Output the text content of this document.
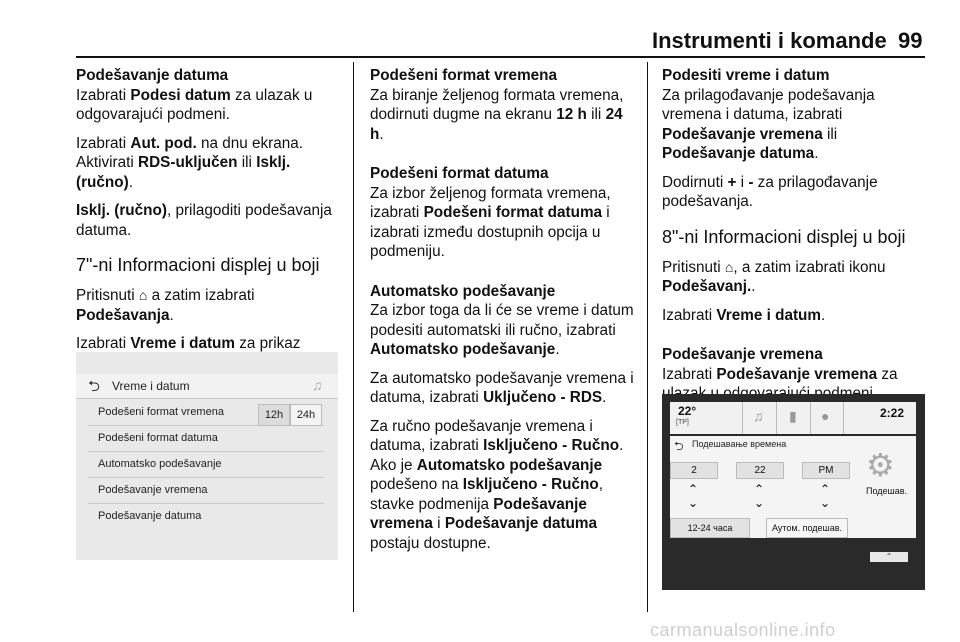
Instrumenti i komande 99

Podešavanje datuma

Izabrati Podesi datum za ulazak u odgovarajući podmeni.

Izabrati Aut. pod. na dnu ekrana. Aktivirati RDS-uključen ili Isklj. (ručno).

Isklj. (ručno), prilagoditi podešavanja datuma.

7"-ni Informacioni displej u boji

Pritisnuti ⌂ a zatim izabrati Podešavanja.

Izabrati Vreme i datum za prikaz

⮌ Vreme i datum	♫
Podešeni format vremena	12h	24h
Podešeni format datuma
Automatsko podešavanje
Podešavanje vremena
Podešavanje datuma

Podešeni format vremena

Za biranje željenog formata vremena, dodirnuti dugme na ekranu 12 h ili 24 h.

Podešeni format datuma

Za izbor željenog formata vremena, izabrati Podešeni format datuma i izabrati između dostupnih opcija u podmeniju.

Automatsko podešavanje

Za izbor toga da li će se vreme i datum podesiti automatski ili ručno, izabrati Automatsko podešavanje.

Za automatsko podešavanje vremena i datuma, izabrati Uključeno - RDS.

Za ručno podešavanje vremena i datuma, izabrati Isključeno - Ručno. Ako je Automatsko podešavanje podešeno na Isključeno - Ručno, stavke podmenija Podešavanje vremena i Podešavanje datuma postaju dostupne.

Podesiti vreme i datum

Za prilagođavanje podešavanja vremena i datuma, izabrati Podešavanje vremena ili Podešavanje datuma.

Dodirnuti + i - za prilagođavanje podešavanja.

8"-ni Informacioni displej u boji

Pritisnuti ⌂, a zatim izabrati ikonu Podešavanj..

Izabrati Vreme i datum.

Podešavanje vremena

Izabrati Podešavanje vremena za

22°
[TP]	♫ ▮ ●	2:22
⮌ Подешавање времена
2	22	PM
⌃
⌄
⌃
⌄
⌃
⌄
⚙
Подешав.
12-24 часа	Аутом. подешав.
⌃
carmanualsonline.info
